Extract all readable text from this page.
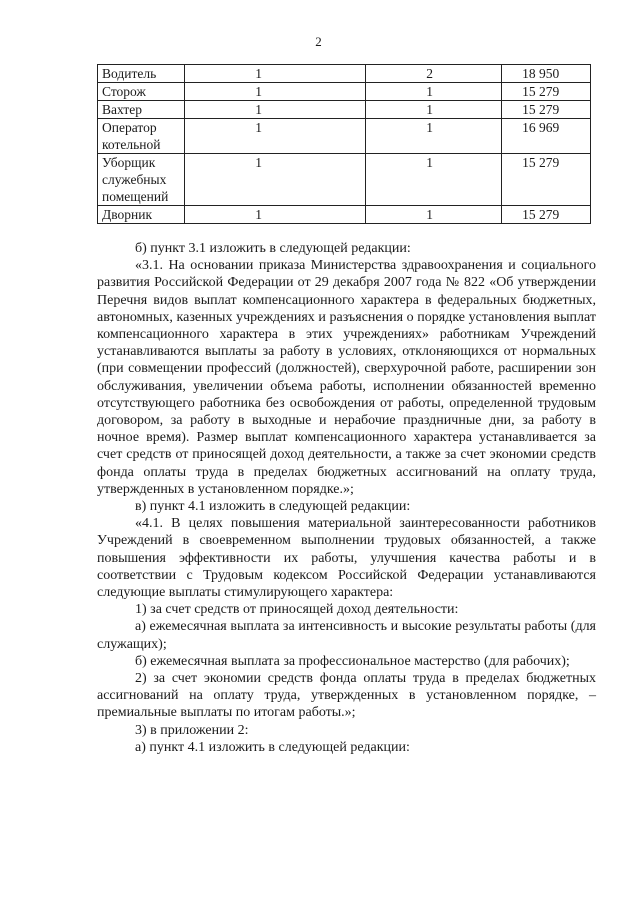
2
Водитель	1	2	18 950
Сторож	1	1	15 279
Вахтер	1	1	15 279
Оператор котельной	1	1	16 969
Уборщик служебных помещений	1	1	15 279
Дворник	1	1	15 279

б) пункт 3.1 изложить в следующей редакции:

«3.1. На основании приказа Министерства здравоохранения и социального развития Российской Федерации от 29 декабря 2007 года № 822 «Об утверждении Перечня видов выплат компенсационного характера в федеральных бюджетных, автономных, казенных учреждениях и разъяснения о порядке установления выплат компенсационного характера в этих учреждениях» работникам Учреждений устанавливаются выплаты за работу в условиях, отклоняющихся от нормальных (при совмещении профессий (должностей), сверхурочной работе, расширении зон обслуживания, увеличении объема работы, исполнении обязанностей временно отсутствующего работника без освобождения от работы, определенной трудовым договором, за работу в выходные и нерабочие праздничные дни, за работу в ночное время). Размер выплат компенсационного характера устанавливается за счет средств от приносящей доход деятельности, а также за счет экономии средств фонда оплаты труда в пределах бюджетных ассигнований на оплату труда, утвержденных в установленном порядке.»;

в) пункт 4.1 изложить в следующей редакции:

«4.1. В целях повышения материальной заинтересованности работников Учреждений в своевременном выполнении трудовых обязанностей, а также повышения эффективности их работы, улучшения качества работы и в соответствии с Трудовым кодексом Российской Федерации устанавливаются следующие выплаты стимулирующего характера:

1) за счет средств от приносящей доход деятельности:

а) ежемесячная выплата за интенсивность и высокие результаты работы (для служащих);

б) ежемесячная выплата за профессиональное мастерство (для рабочих);

2) за счет экономии средств фонда оплаты труда в пределах бюджетных ассигнований на оплату труда, утвержденных в установленном порядке, – премиальные выплаты по итогам работы.»;

3) в приложении 2:

а) пункт 4.1 изложить в следующей редакции:
